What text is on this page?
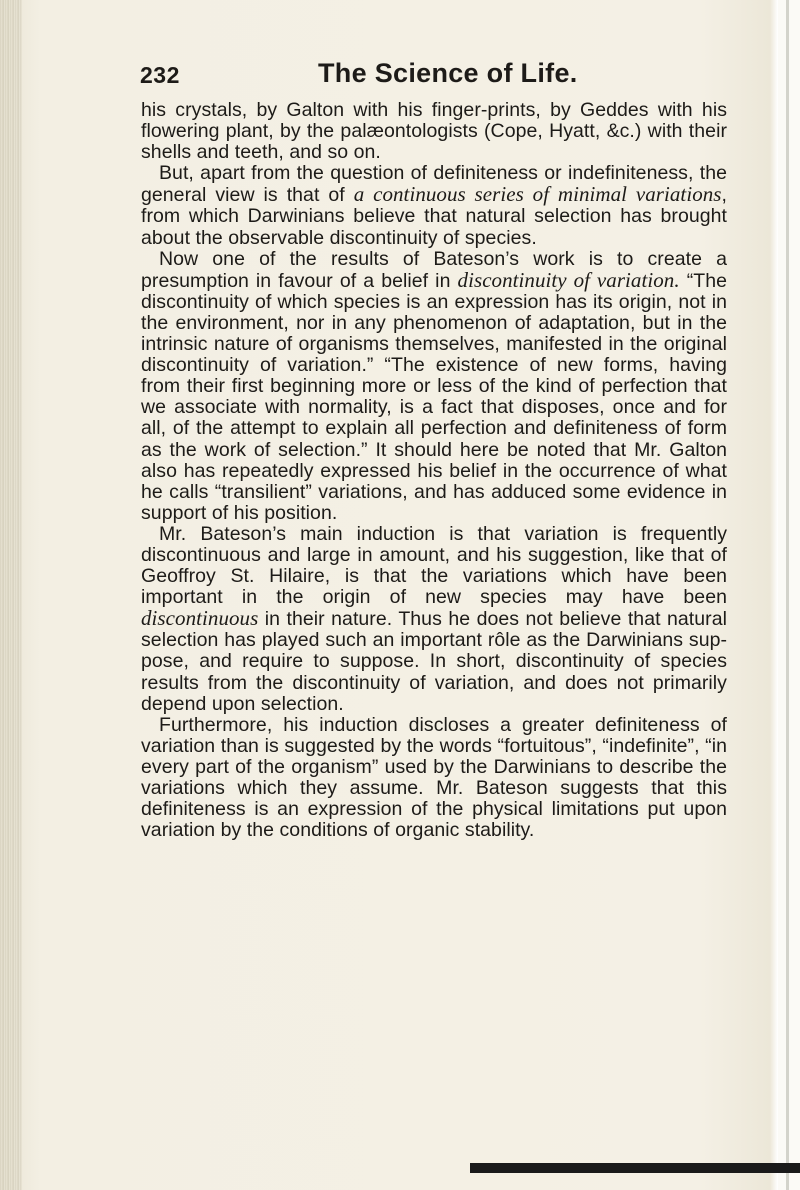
232	The Science of Life.

his crystals, by Galton with his finger-prints, by Geddes with his flowering plant, by the palæontologists (Cope, Hyatt, &c.) with their shells and teeth, and so on.

But, apart from the question of definiteness or indefiniteness, the general view is that of a continuous series of minimal variations, from which Darwinians believe that natural selection has brought about the observable discontinuity of species.

Now one of the results of Bateson’s work is to create a presumption in favour of a belief in discontinuity of variation. “The discontinuity of which species is an expression has its origin, not in the environment, nor in any phenomenon of adaptation, but in the intrinsic nature of organisms themselves, manifested in the original discontinuity of variation.” “The existence of new forms, having from their first beginning more or less of the kind of perfection that we associate with normality, is a fact that disposes, once and for all, of the attempt to explain all perfection and definiteness of form as the work of selection.” It should here be noted that Mr. Galton also has repeatedly expressed his belief in the occurrence of what he calls “transilient” variations, and has adduced some evidence in support of his position.

Mr. Bateson’s main induction is that variation is frequently discontinuous and large in amount, and his suggestion, like that of Geoffroy St. Hilaire, is that the variations which have been important in the origin of new species may have been discontinuous in their nature. Thus he does not believe that natural selection has played such an important rôle as the Darwinians suppose, and require to suppose. In short, discontinuity of species results from the discontinuity of variation, and does not primarily depend upon selection.

Furthermore, his induction discloses a greater definiteness of variation than is suggested by the words “fortuitous”, “indefinite”, “in every part of the organism” used by the Darwinians to describe the variations which they assume. Mr. Bateson suggests that this definiteness is an expression of the physical limitations put upon variation by the conditions of organic stability.
